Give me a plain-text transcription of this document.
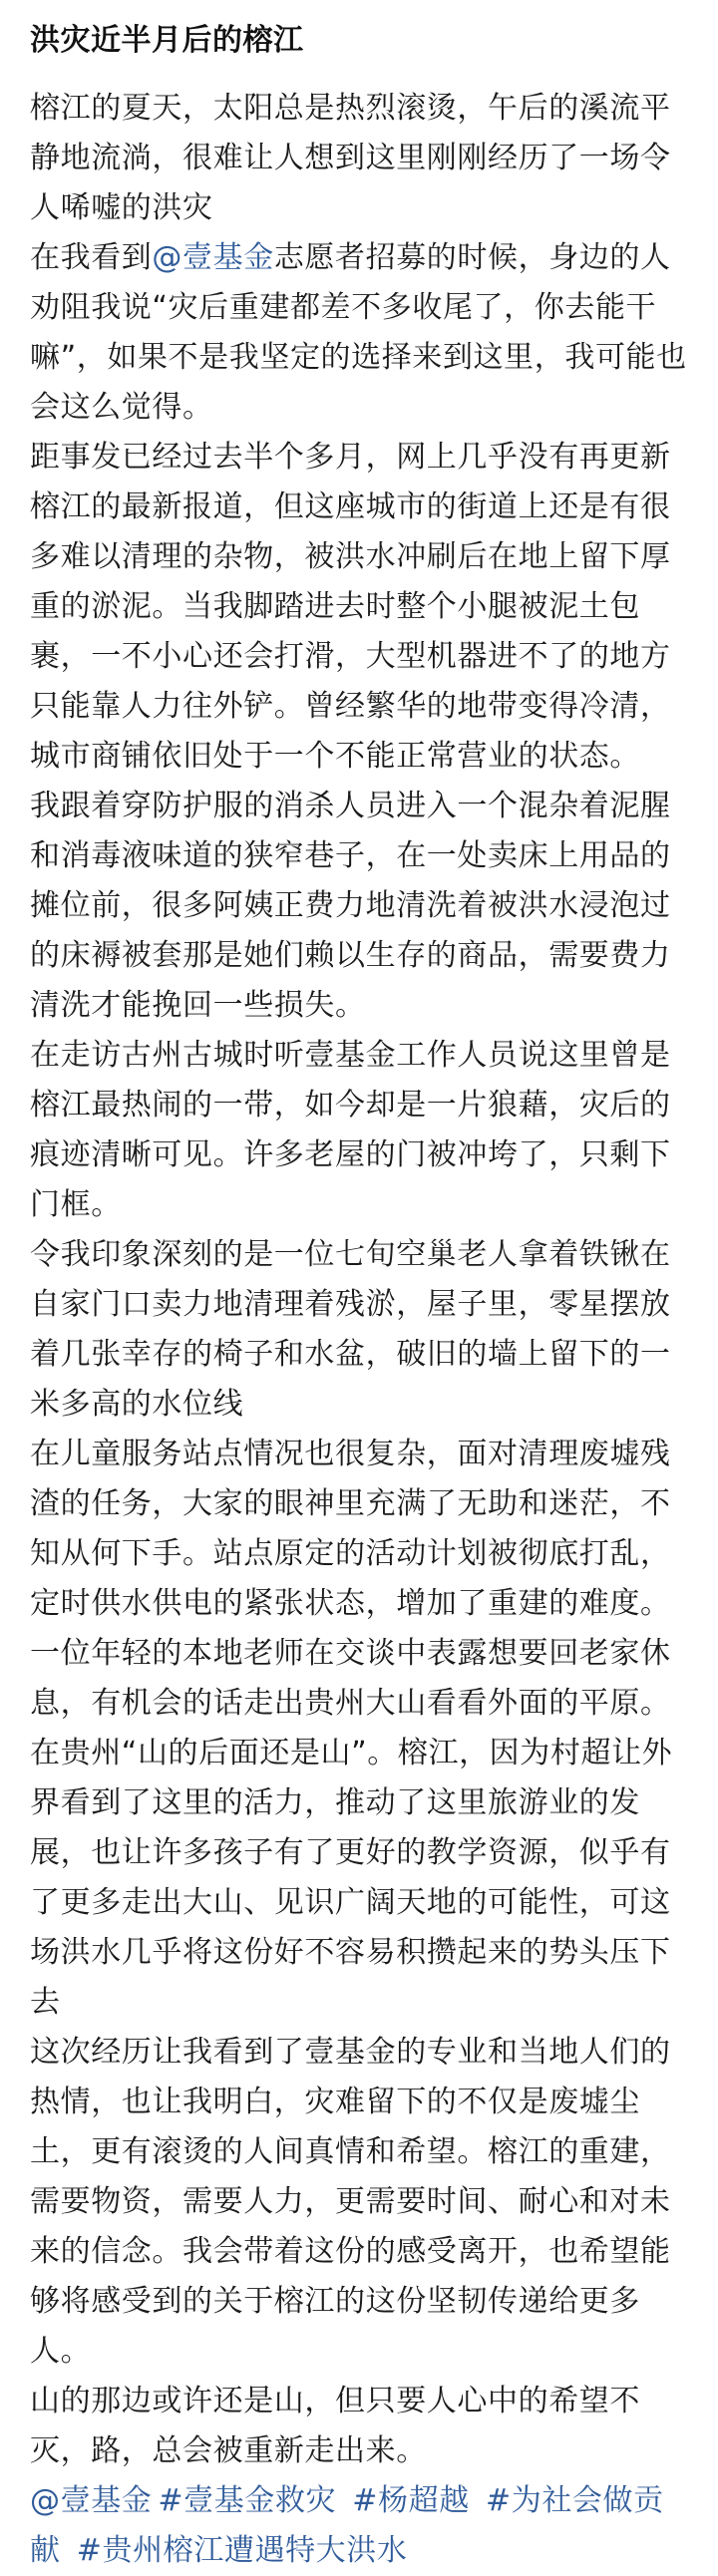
洪灾近半月后的榕江

榕江的夏天，太阳总是热烈滚烫，午后的溪流平静地流淌，很难让人想到这里刚刚经历了一场令人唏嘘的洪灾

在我看到@壹基金志愿者招募的时候，身边的人劝阻我说“灾后重建都差不多收尾了，你去能干嘛”，如果不是我坚定的选择来到这里，我可能也会这么觉得。

距事发已经过去半个多月，网上几乎没有再更新榕江的最新报道，但这座城市的街道上还是有很多难以清理的杂物，被洪水冲刷后在地上留下厚重的淤泥。当我脚踏进去时整个小腿被泥土包裹，一不小心还会打滑，大型机器进不了的地方只能靠人力往外铲。曾经繁华的地带变得冷清，城市商铺依旧处于一个不能正常营业的状态。

我跟着穿防护服的消杀人员进入一个混杂着泥腥和消毒液味道的狭窄巷子，在一处卖床上用品的摊位前，很多阿姨正费力地清洗着被洪水浸泡过的床褥被套那是她们赖以生存的商品，需要费力清洗才能挽回一些损失。

在走访古州古城时听壹基金工作人员说这里曾是榕江最热闹的一带，如今却是一片狼藉，灾后的痕迹清晰可见。许多老屋的门被冲垮了，只剩下门框。

令我印象深刻的是一位七旬空巢老人拿着铁锹在自家门口卖力地清理着残淤，屋子里，零星摆放着几张幸存的椅子和水盆，破旧的墙上留下的一米多高的水位线

在儿童服务站点情况也很复杂，面对清理废墟残渣的任务，大家的眼神里充满了无助和迷茫，不知从何下手。站点原定的活动计划被彻底打乱，定时供水供电的紧张状态，增加了重建的难度。一位年轻的本地老师在交谈中表露想要回老家休息，有机会的话走出贵州大山看看外面的平原。

在贵州“山的后面还是山”。榕江，因为村超让外界看到了这里的活力，推动了这里旅游业的发展，也让许多孩子有了更好的教学资源，似乎有了更多走出大山、见识广阔天地的可能性，可这场洪水几乎将这份好不容易积攒起来的势头压下去

这次经历让我看到了壹基金的专业和当地人们的热情，也让我明白，灾难留下的不仅是废墟尘土，更有滚烫的人间真情和希望。榕江的重建，需要物资，需要人力，更需要时间、耐心和对未来的信念。我会带着这份的感受离开，也希望能够将感受到的关于榕江的这份坚韧传递给更多人。

山的那边或许还是山，但只要人心中的希望不灭，路，总会被重新走出来。

@壹基金 #壹基金救灾 #杨超越 #为社会做贡献 #贵州榕江遭遇特大洪水
